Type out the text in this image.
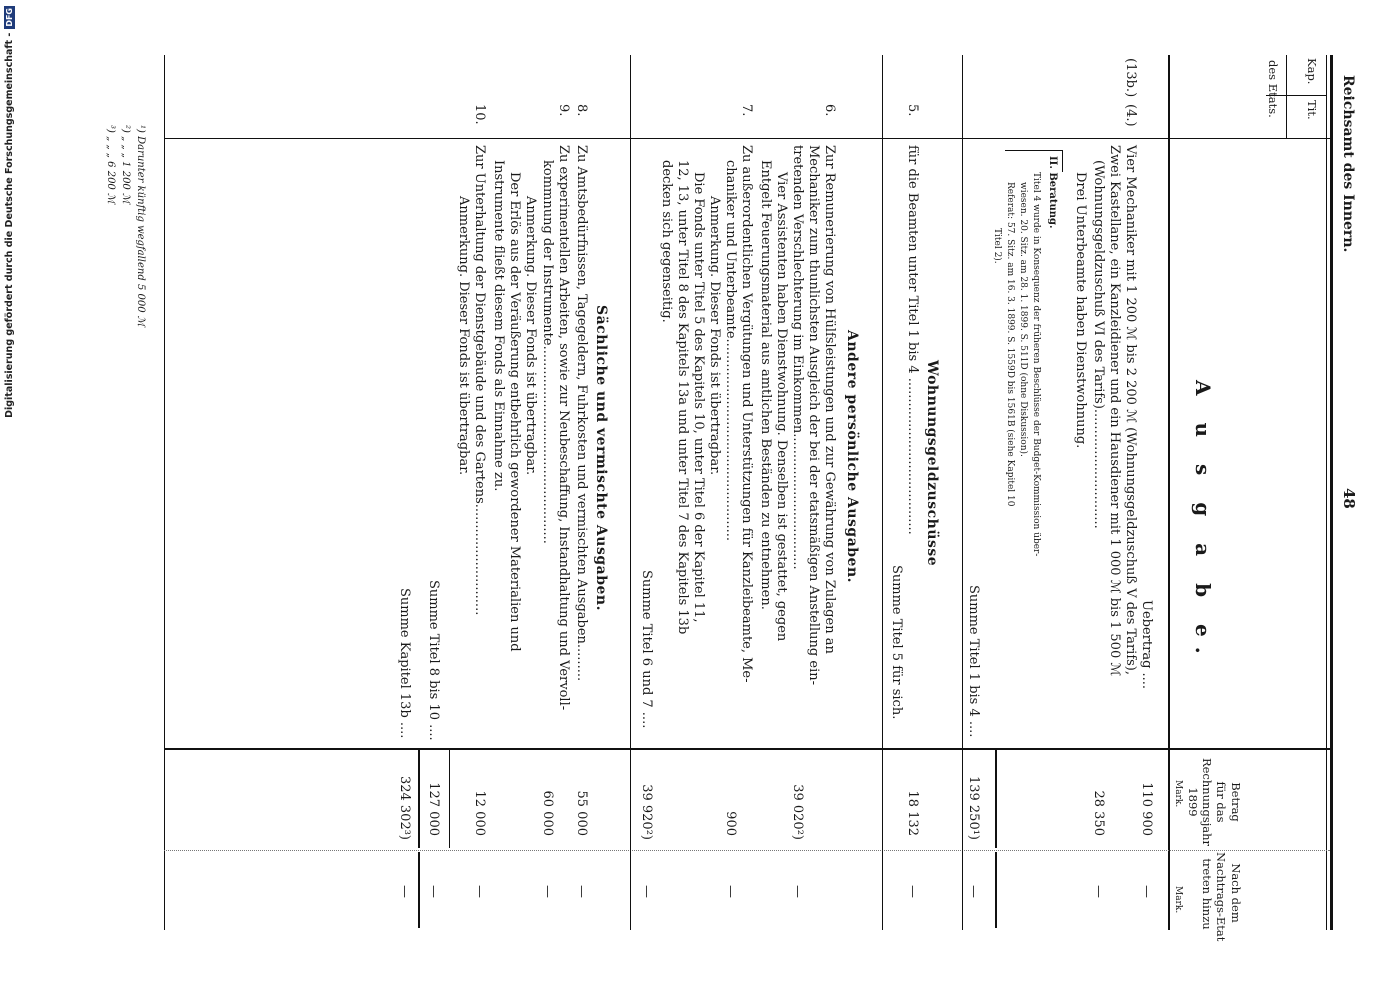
Digitalisierung gefördert durch die Deutsche Forschungsgemeinschaft -
DFG
Reichsamt des Innern.
48
Kap.
Tit.
des Etats.
A u s g a b e.
Betrag
für das
Rechnungsjahr
1899
Mark.
Nach dem
Nachtrags-Etat
treten hinzu
Mark.
Uebertrag ....
110 900
—
(13b.)
(4.)
Vier Mechaniker mit 1 200 ℳ bis 2 200 ℳ (Wohnungsgeldzuschuß V des Tarifs),
Zwei Kastellane, ein Kanzleidiener und ein Hausdiener mit 1 000 ℳ bis 1 500 ℳ
(Wohnungsgeldzuschuß VI des Tarifs).............................
Drei Unterbeamte haben Dienstwohnung.
28 350
—
II. Beratung.
Titel 4 wurde in Konsequenz der früheren Beschlüsse der Budget-Kommission über-
wiesen. 20. Sitz. am 28. 1. 1899. S. 511D (ohne Diskussion).
Referat: 57. Sitz. am 16. 3. 1899. S. 1559D bis 1561B (siehe Kapitel 10
Titel 2).
Summe Titel 1 bis 4 ....
139 250¹)
—
Wohnungsgeldzuschüsse
5.
für die Beamten unter Titel 1 bis 4 ......................................
18 132
—
Summe Titel 5 für sich.
Andere persönliche Ausgaben.
6.
Zur Remunerierung von Hülfsleistungen und zur Gewährung von Zulagen an
Mechaniker zum thunlichsten Ausgleich der bei der etatsmäßigen Anstellung ein-
tretenden Verschlechterung im Einkommen.................................
Vier Assistenten haben Dienstwohnung. Denselben ist gestattet, gegen
Entgelt Feuerungsmaterial aus amtlichen Beständen zu entnehmen.
39 020²)
—
7.
Zu außerordentlichen Vergütungen und Unterstützungen für Kanzleibeamte, Me-
chaniker und Unterbeamte.................................................
Anmerkung. Dieser Fonds ist übertragbar.
Die Fonds unter Titel 5 des Kapitels 10, unter Titel 6 der Kapitel 11,
12, 13, unter Titel 8 des Kapitels 13a und unter Titel 7 des Kapitels 13b
decken sich gegenseitig.
900
—
Summe Titel 6 und 7 ....
39 920²)
—
Sächliche und vermischte Ausgaben.
8.
Zu Amtsbedürfnissen, Tagegeldern, Fuhrkosten und vermischten Ausgaben.........
55 000
—
9.
Zu experimentellen Arbeiten, sowie zur Neubeschaffung, Instandhaltung und Vervoll-
kommnung der Instrumente................................................
Anmerkung. Dieser Fonds ist übertragbar.
Der Erlös aus der Veräußerung entbehrlich gewordener Materialien und
Instrumente fließt diesem Fonds als Einnahme zu.
60 000
—
10.
Zur Unterhaltung der Dienstgebäude und des Gartens...........................
Anmerkung. Dieser Fonds ist übertragbar.
12 000
—
Summe Titel 8 bis 10 ....
127 000
—
Summe Kapitel 13b ....
324 302³)
—
¹) Darunter künftig wegfallend 5 000 ℳ
²) „ „ „ 1 200 ℳ
³) „ „ „ 6 200 ℳ
